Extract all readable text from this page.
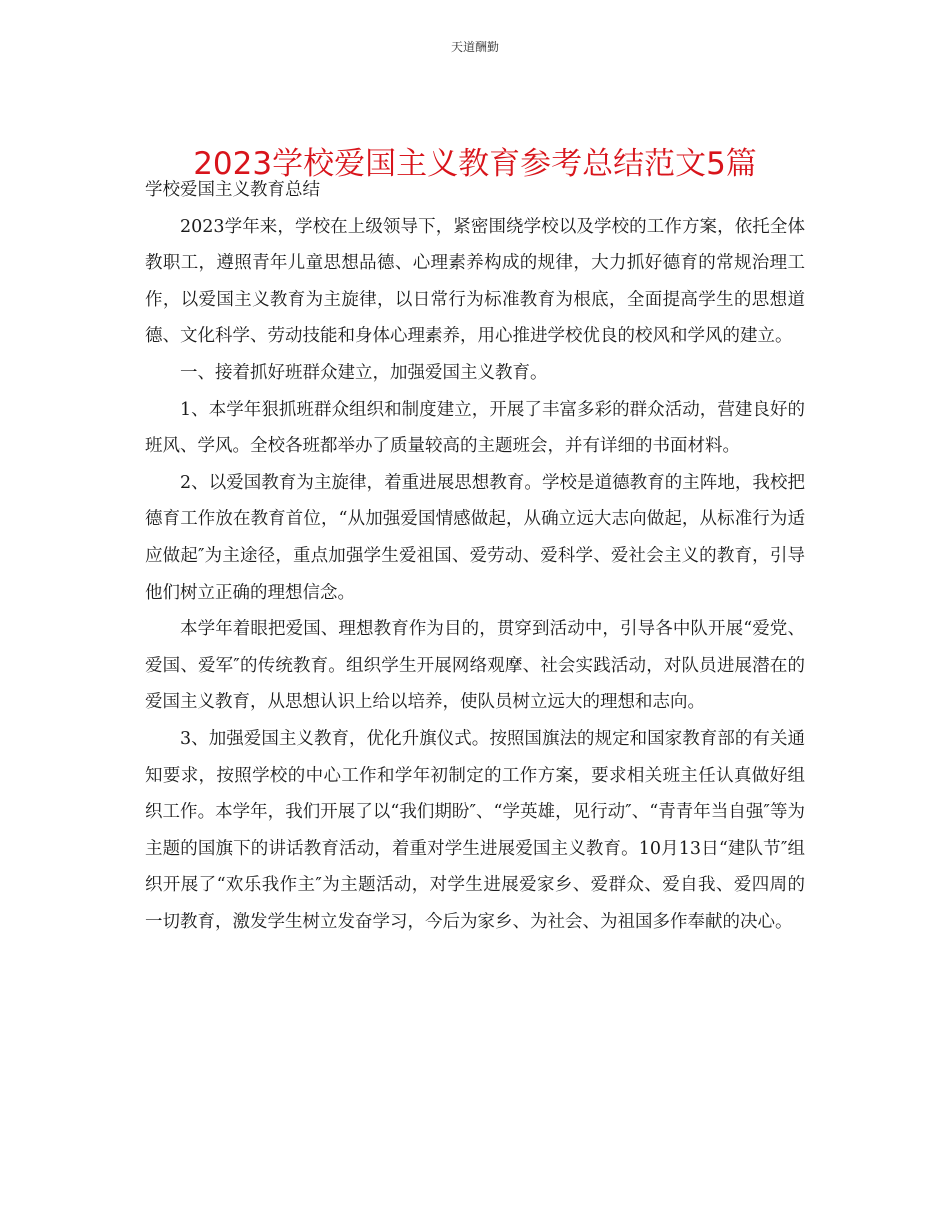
天道酬勤
2023学校爱国主义教育参考总结范文5篇

学校爱国主义教育总结

2023学年来，学校在上级领导下，紧密围绕学校以及学校的工作方案，依托全体教职工，遵照青年儿童思想品德、心理素养构成的规律，大力抓好德育的常规治理工作，以爱国主义教育为主旋律，以日常行为标准教育为根底，全面提高学生的思想道德、文化科学、劳动技能和身体心理素养，用心推进学校优良的校风和学风的建立。

一、接着抓好班群众建立，加强爱国主义教育。

1、本学年狠抓班群众组织和制度建立，开展了丰富多彩的群众活动，营建良好的班风、学风。全校各班都举办了质量较高的主题班会，并有详细的书面材料。

2、以爱国教育为主旋律，着重进展思想教育。学校是道德教育的主阵地，我校把德育工作放在教育首位，“从加强爱国情感做起，从确立远大志向做起，从标准行为适应做起″为主途径，重点加强学生爱祖国、爱劳动、爱科学、爱社会主义的教育，引导他们树立正确的理想信念。

本学年着眼把爱国、理想教育作为目的，贯穿到活动中，引导各中队开展“爱党、爱国、爱军″的传统教育。组织学生开展网络观摩、社会实践活动，对队员进展潜在的爱国主义教育，从思想认识上给以培养，使队员树立远大的理想和志向。

3、加强爱国主义教育，优化升旗仪式。按照国旗法的规定和国家教育部的有关通知要求，按照学校的中心工作和学年初制定的工作方案，要求相关班主任认真做好组织工作。本学年，我们开展了以“我们期盼″、“学英雄，见行动″、“青青年当自强″等为主题的国旗下的讲话教育活动，着重对学生进展爱国主义教育。10月13日“建队节″组织开展了“欢乐我作主″为主题活动，对学生进展爱家乡、爱群众、爱自我、爱四周的一切教育，激发学生树立发奋学习，今后为家乡、为社会、为祖国多作奉献的决心。
